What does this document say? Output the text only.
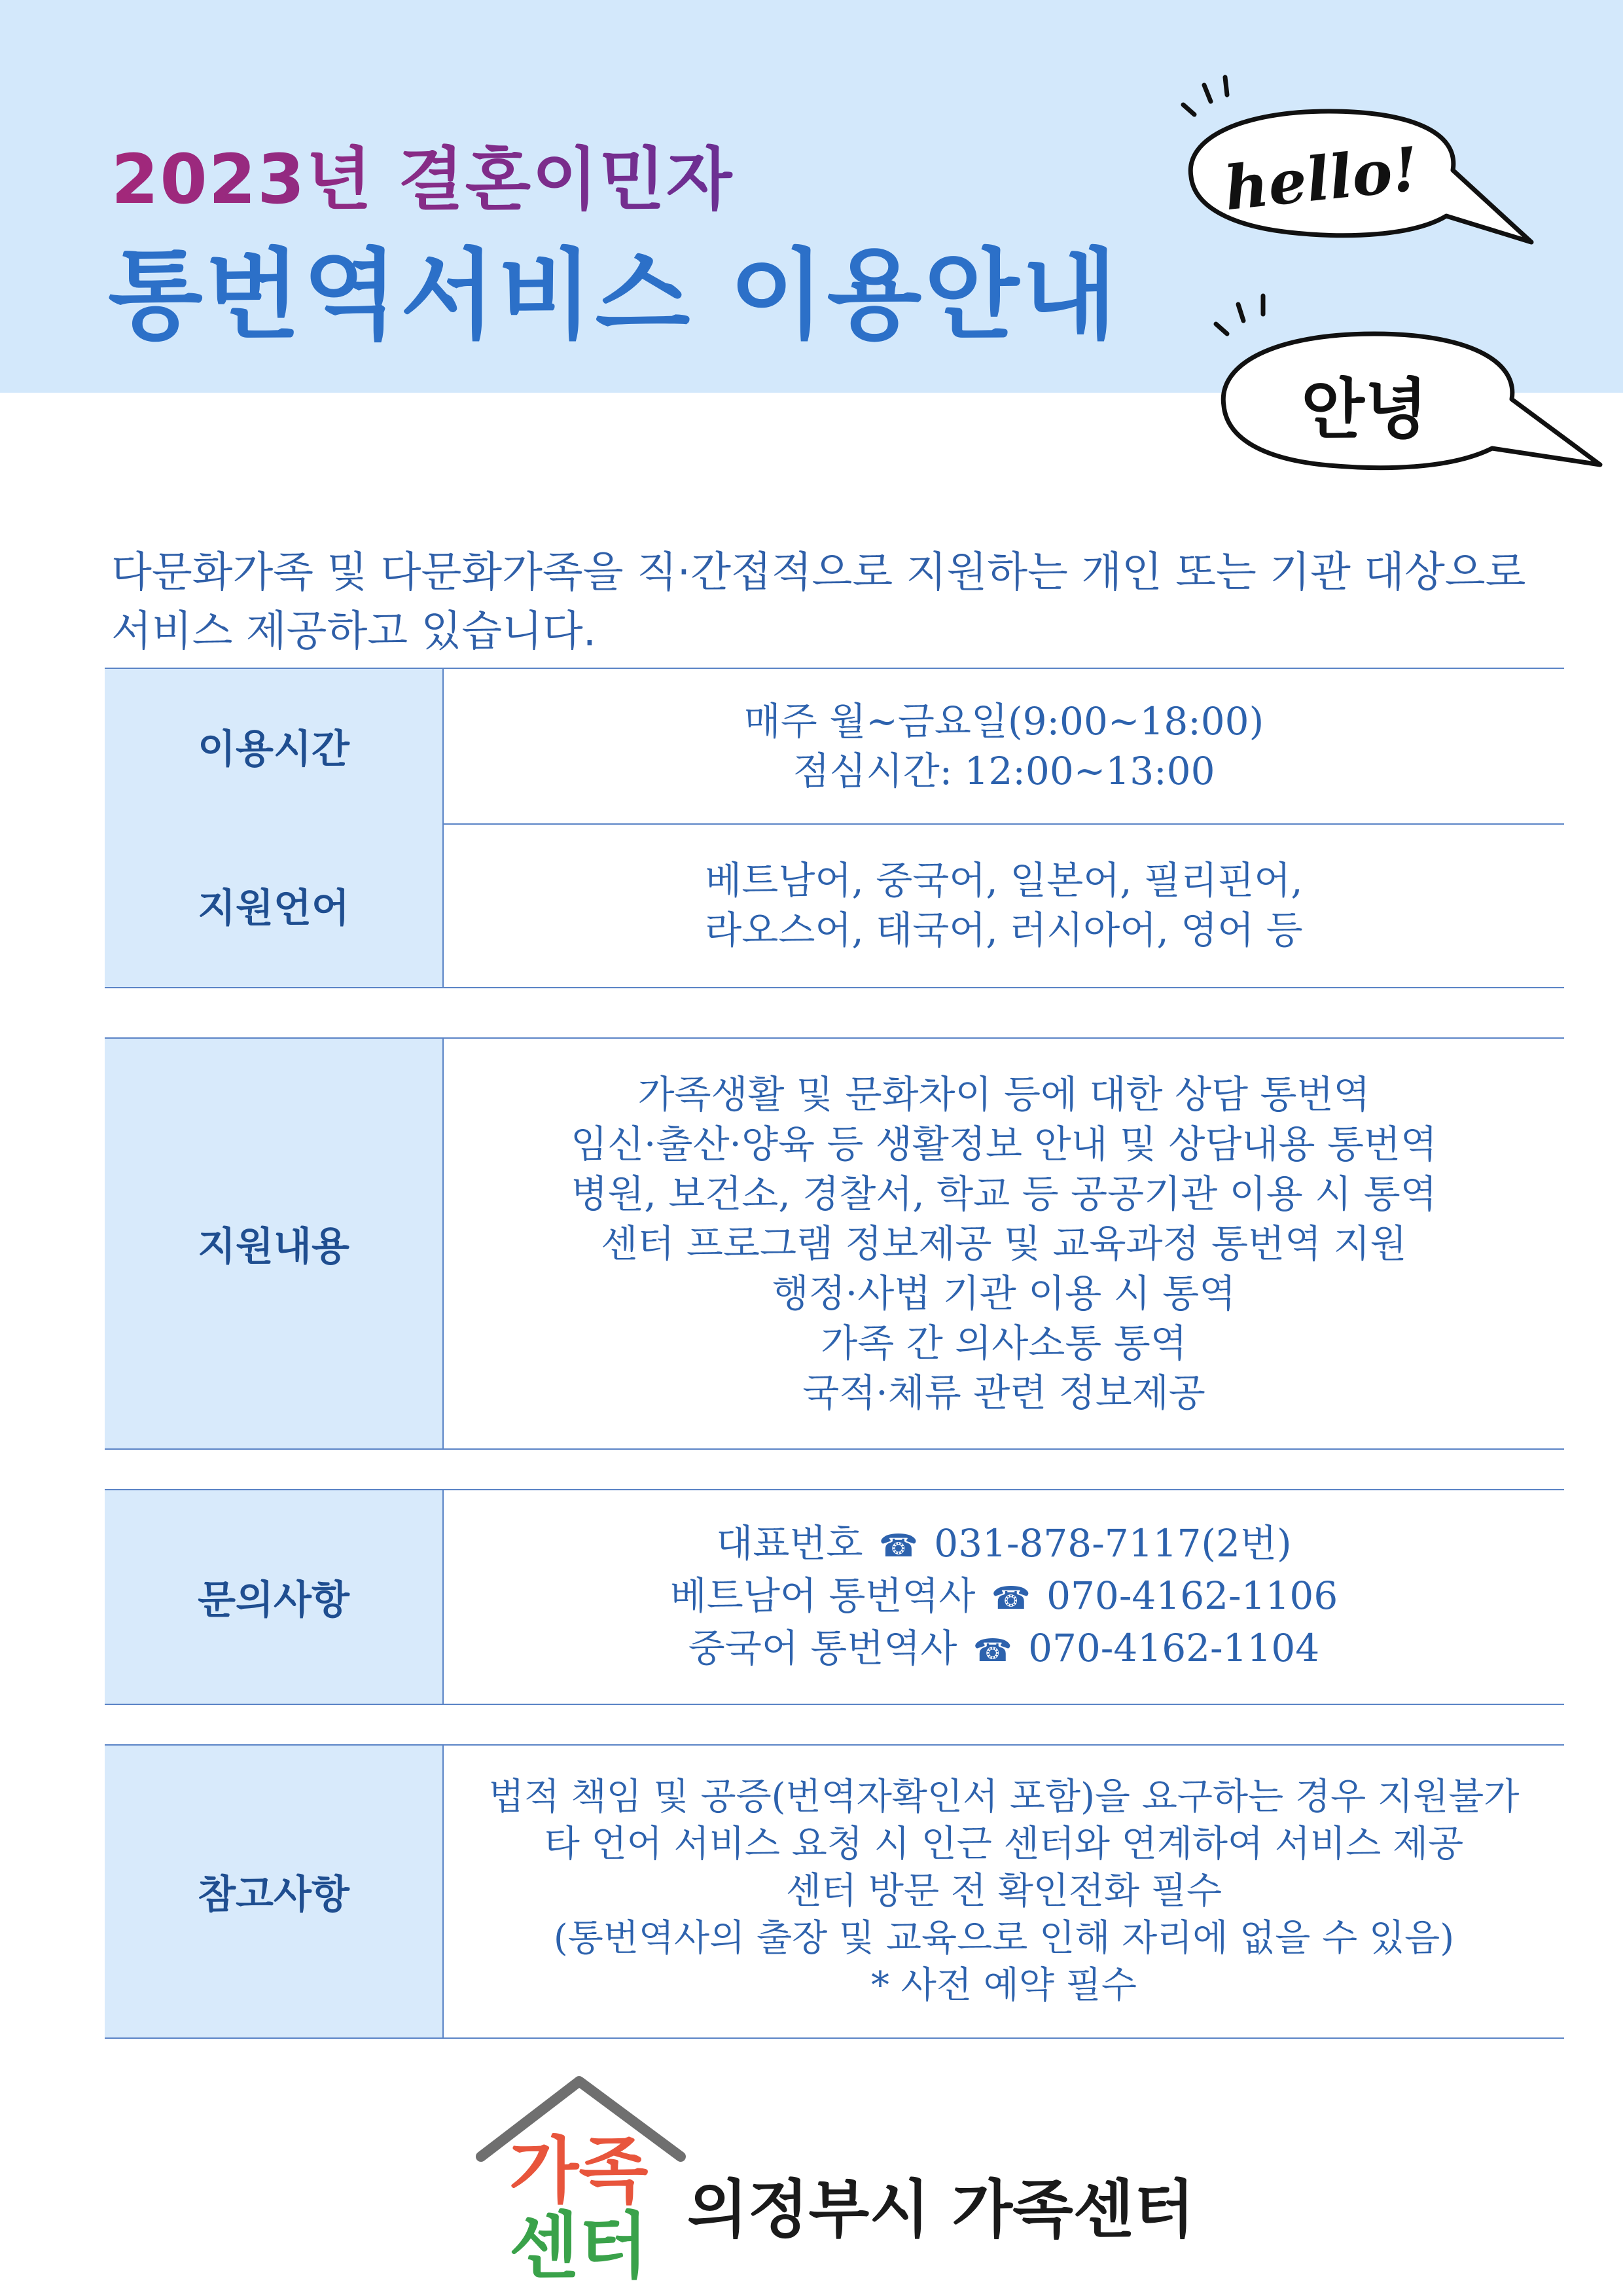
2023년 결혼이민자
통번역서비스 이용안내
hello!
안녕
다문화가족 및 다문화가족을 직·간접적으로 지원하는 개인 또는 기관 대상으로
서비스 제공하고 있습니다.
이용시간
매주 월~금요일(9:00~18:00)
점심시간: 12:00~13:00
지원언어
베트남어, 중국어, 일본어, 필리핀어,
라오스어, 태국어, 러시아어, 영어 등
지원내용
가족생활 및 문화차이 등에 대한 상담 통번역
임신·출산·양육 등 생활정보 안내 및 상담내용 통번역
병원, 보건소, 경찰서, 학교 등 공공기관 이용 시 통역
센터 프로그램 정보제공 및 교육과정 통번역 지원
행정·사법 기관 이용 시 통역
가족 간 의사소통 통역
국적·체류 관련 정보제공
문의사항
대표번호 ☎ 031-878-7117(2번)
베트남어 통번역사 ☎ 070-4162-1106
중국어 통번역사 ☎ 070-4162-1104
참고사항
법적 책임 및 공증(번역자확인서 포함)을 요구하는 경우 지원불가
타 언어 서비스 요청 시 인근 센터와 연계하여 서비스 제공
센터 방문 전 확인전화 필수
(통번역사의 출장 및 교육으로 인해 자리에 없을 수 있음)
* 사전 예약 필수
가족
센터 의정부시 가족센터
